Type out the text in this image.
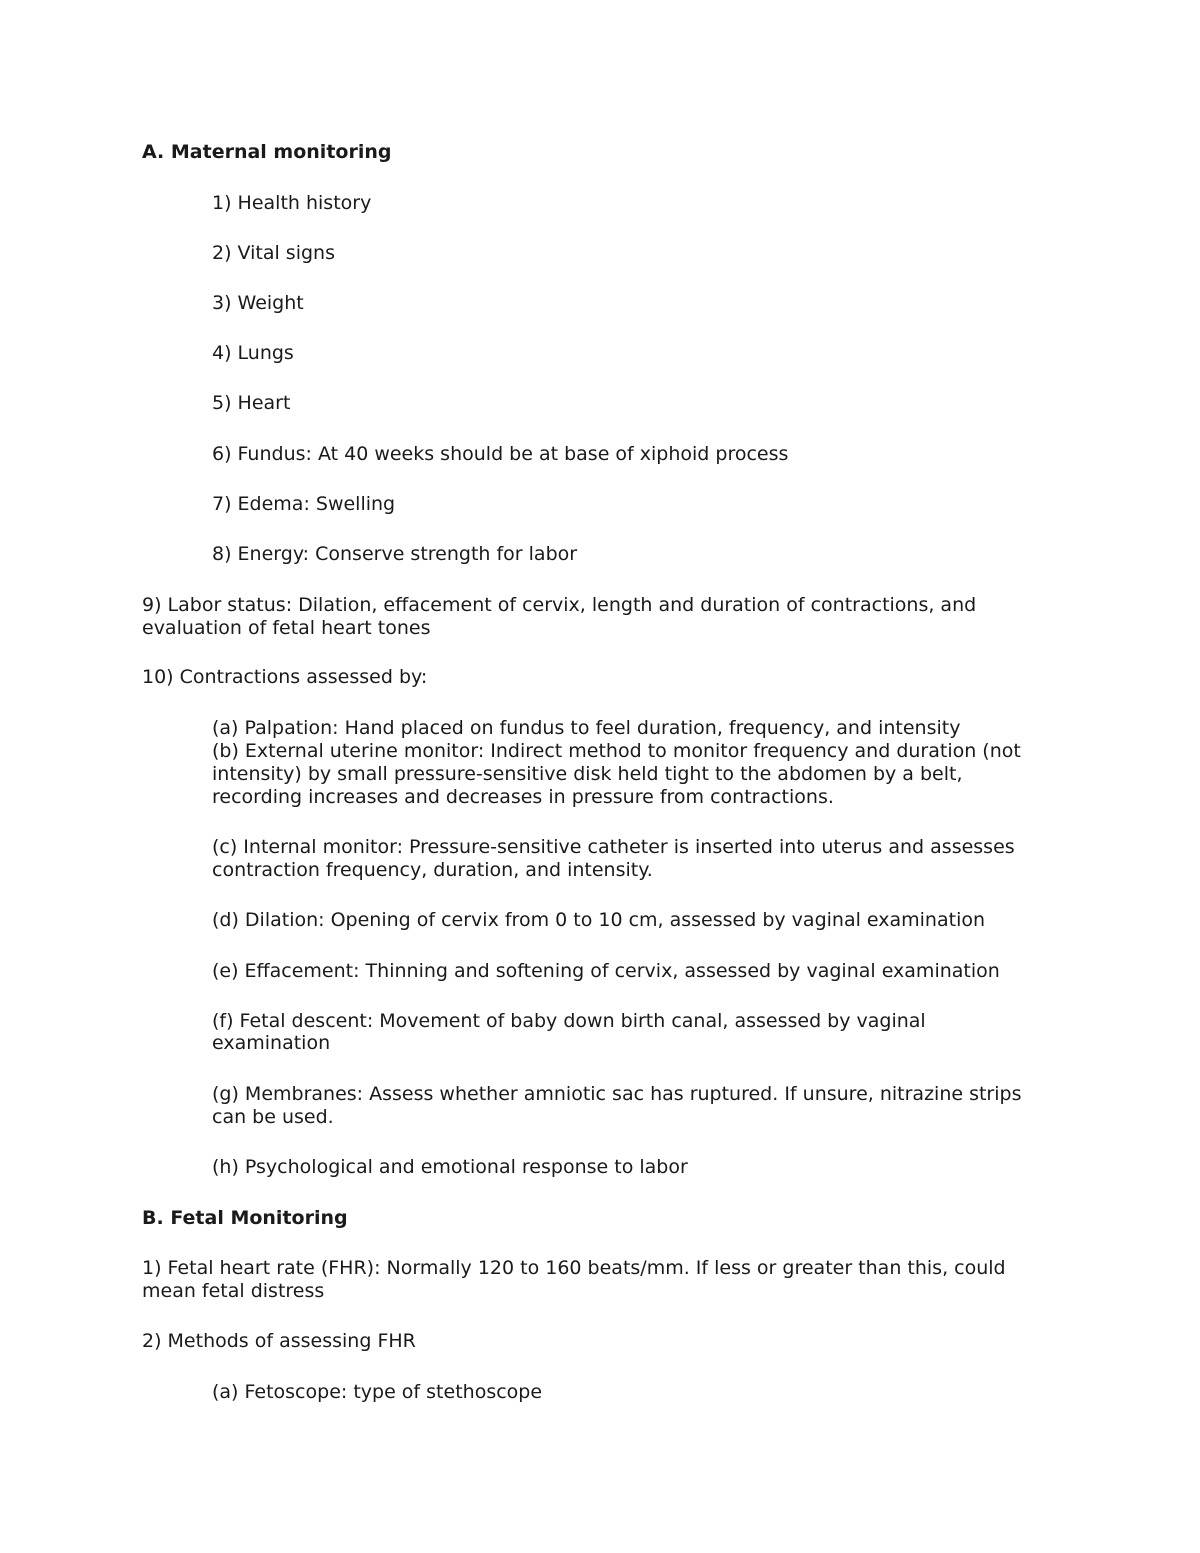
A. Maternal monitoring

1) Health history

2) Vital signs

3) Weight

4) Lungs

5) Heart

6) Fundus: At 40 weeks should be at base of xiphoid process

7) Edema: Swelling

8) Energy: Conserve strength for labor

9) Labor status: Dilation, effacement of cervix, length and duration of contractions, and

evaluation of fetal heart tones

10) Contractions assessed by:

(a) Palpation: Hand placed on fundus to feel duration, frequency, and intensity

(b) External uterine monitor: Indirect method to monitor frequency and duration (not

intensity) by small pressure-sensitive disk held tight to the abdomen by a belt,

recording increases and decreases in pressure from contractions.

(c) Internal monitor: Pressure-sensitive catheter is inserted into uterus and assesses

contraction frequency, duration, and intensity.

(d) Dilation: Opening of cervix from 0 to 10 cm, assessed by vaginal examination

(e) Effacement: Thinning and softening of cervix, assessed by vaginal examination

(f) Fetal descent: Movement of baby down birth canal, assessed by vaginal

examination

(g) Membranes: Assess whether amniotic sac has ruptured. If unsure, nitrazine strips

can be used.

(h) Psychological and emotional response to labor

B. Fetal Monitoring

1) Fetal heart rate (FHR): Normally 120 to 160 beats/mm. If less or greater than this, could

mean fetal distress

2) Methods of assessing FHR

(a) Fetoscope: type of stethoscope
